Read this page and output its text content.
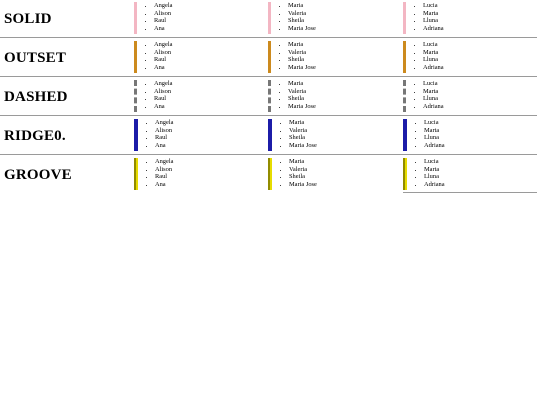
SOLID
• Angela
• Alison
• Raul
• Ana
• Maria
• Valeria
• Sheila
• Maria Jose
• Lucia
• Marta
• Lluna
• Adriana
OUTSET
• Angela
• Alison
• Raul
• Ana
• Maria
• Valeria
• Sheila
• Maria Jose
• Lucia
• Marta
• Lluna
• Adriana
DASHED
• Angela
• Alison
• Raul
• Ana
• Maria
• Valeria
• Sheila
• Maria Jose
• Lucia
• Marta
• Lluna
• Adriana
RIDGE0.
• Angela
• Alison
• Raul
• Ana
• Maria
• Valeria
• Sheila
• Maria Jose
• Lucia
• Marta
• Lluna
• Adriana
GROOVE
• Angela
• Alison
• Raul
• Ana
• Maria
• Valeria
• Sheila
• Maria Jose
• Lucia
• Marta
• Lluna
• Adriana
